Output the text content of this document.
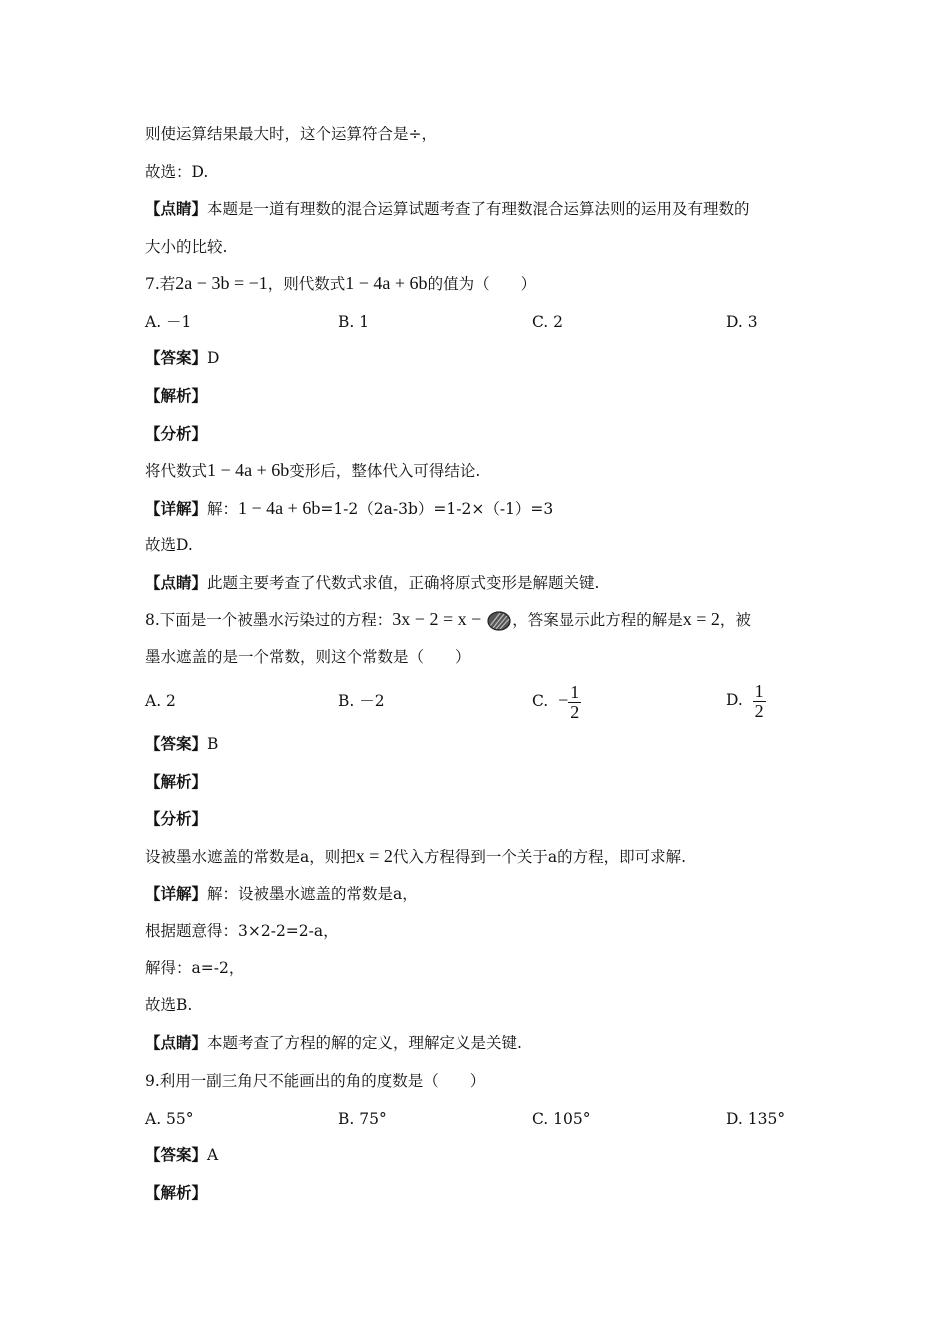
则使运算结果最大时，这个运算符合是÷，
故选：D.
【点睛】本题是一道有理数的混合运算试题考查了有理数混合运算法则的运用及有理数的
大小的比较.
7.若2a − 3b = −1，则代数式1 − 4a + 6b的值为（　　）
A. －1	B. 1	C. 2	D. 3
【答案】D
【解析】
【分析】
将代数式1 − 4a + 6b变形后，整体代入可得结论.
【详解】解：1 − 4a + 6b=1-2（2a-3b）=1-2×（-1）=3
故选D.
【点睛】此题主要考查了代数式求值，正确将原式变形是解题关键.
8.下面是一个被墨水污染过的方程：3x − 2 = x − ，答案显示此方程的解是x = 2，被
墨水遮盖的是一个常数，则这个常数是（　　）
A. 2	B. －2	C. − $\frac{1}{2}$	D. $\frac{1}{2}$
【答案】B
【解析】
【分析】
设被墨水遮盖的常数是a，则把x = 2代入方程得到一个关于a的方程，即可求解.
【详解】解：设被墨水遮盖的常数是a，
根据题意得：3×2-2=2-a，
解得：a=-2，
故选B.
【点睛】本题考查了方程的解的定义，理解定义是关键.
9.利用一副三角尺不能画出的角的度数是（　　）
A. 55°	B. 75°	C. 105°	D. 135°
【答案】A
【解析】
